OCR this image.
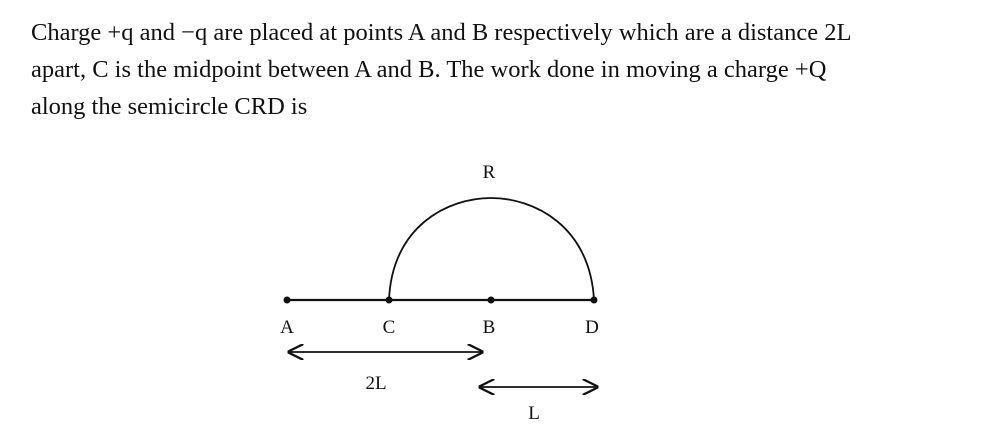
Charge +q and −q are placed at points A and B respectively which are a distance 2L
apart, C is the midpoint between A and B. The work done in moving a charge +Q
along the semicircle CRD is
R
A	C	B	D
2L
L
